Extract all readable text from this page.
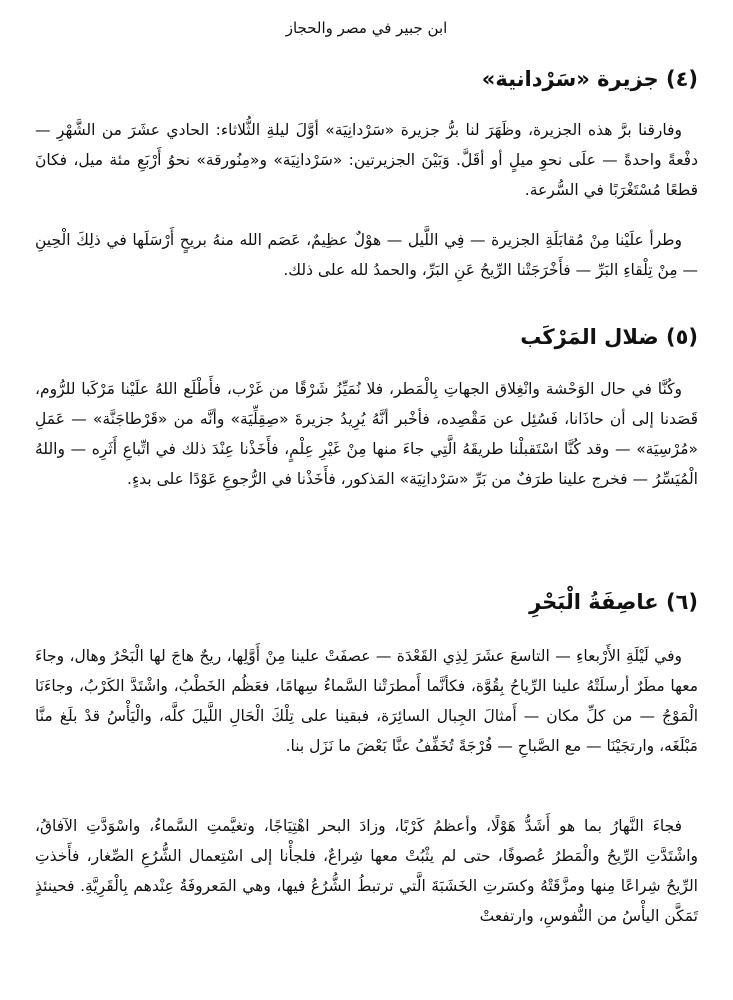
ابن جبير في مصر والحجاز
(٤) جزيرة «سَرْدانية»

وفارقنا برَّ هذه الجزيرة، وظَهَرَ لنا برُّ جزيرة «سَرْدانِيَة» أوَّلَ ليلةِ الثُّلاثاء: الحادي عشَرَ من الشَّهْرِ — دفْعةً واحدةً — علَى نحوِ ميلٍ أو أقَلَّ. وَبَيْنَ الجزيرتين: «سَرْدانِيَة» و«مِنُورقة» نحوُ أَرْبَعِ مئة ميل، فكانَ قطعًا مُسْتَغْرَبًا في السُّرعة.

وطرأ علَيْنا مِنْ مُقابَلَةِ الجزيرة — فِي اللَّيل — هوْلٌ عظِيمٌ، عَصَم الله منهُ بريحٍ أَرْسَلَها في ذلِكَ الْحِينِ — مِنْ تِلْقاءِ البَرِّ — فأَخْرَجَتْنا الرِّيحُ عَنِ البَرِّ، والحمدُ لله على ذلك.

(٥) ضلال المَرْكَب

وكُنَّا في حال الوَحْشة وانْغِلاق الجهاتِ بِالْمَطر، فلا نُمَيِّزُ شَرْقًا من غَرْب، فأَطْلَع اللهُ علَيْنا مَرْكَبا للرُّوم، قَصَدنا إلى أن حاذَانا، فَسُئِل عن مَقْصِده، فأخْبر أنَّهُ يُرِيدُ جزيرةَ «صِقِلِّيَة» وأنَّه من «قَرْطاجَنَّة» — عَمَلِ «مُرْسِيَة» — وقد كُنَّا اسْتَقبلْنا طريقَهُ الَّتِي جاءَ منها مِنْ غَيْرِ عِلْمٍ، فأَخَذْنا عِنْدَ ذلك في اتِّباعِ أَثَرِه — واللهُ الْمُيَسِّرُ — فخرج علينا طرَفٌ من بَرِّ «سَرْدانِيَة» المَذكور، فأَخَذْنا في الرُّجوعِ عَوْدًا على بدءٍ.

(٦) عاصِفَةُ الْبَحْرِ

وفي لَيْلَةِ الأَرْبعاءِ — التاسعَ عشَرَ لِذِي القَعْدَة — عصفَتْ علينا مِنْ أَوَّلِها، ريحٌ هاجَ لها الْبَحْرُ وهال، وجاءَ معها مطَرٌ أرسلَتْهُ علينا الرِّياحُ بِقُوَّة، فكأنَّما أَمطرَتْنا السَّماءُ سِهامًا، فعَظُم الخَطْبُ، واشْتَدَّ الكَرْبُ، وجاءَنَا الْمَوْجُ — من كلِّ مكان — أَمثالَ الجِبال السائِرَة، فبقينا على تِلْكَ الْحَالِ اللَّيلَ كلَّه، والْيَأْسُ قدْ بلَغ منَّا مَبْلَغَه، وارتجَيْنَا — مع الصَّباحِ — فُرْجَةً تُخَفِّفُ عنَّا بَعْضَ ما نَزَل بنا.

فجاءَ النَّهارُ بما هو أَشَدُّ هَوْلًا، وأعظمُ كَرْبًا، وزادَ البحر اهْتِيَاجًا، وتغيَّمتِ السَّماءُ، واسْوَدَّتِ الآفاقُ، واشْتَدَّتِ الرِّيحُ والْمَطرُ عُصوفًا، حتى لم يثْبُتْ معها شِراعٌ، فلجأْنا إلى اسْتِعمال الشُّرُعِ الصِّغار، فأَخذتِ الرِّيحُ شِراعًا مِنها ومزَّقَتْهُ وكسَرتِ الخَشَبَةَ الَّتي ترتبطُ الشُّرُعُ فيها، وهي المَعروفَةُ عِنْدهم بِالْقَرِيَّةِ. فحينئذٍ تَمَكَّن اليأْسُ من النُّفوسِ، وارتفعتْ
